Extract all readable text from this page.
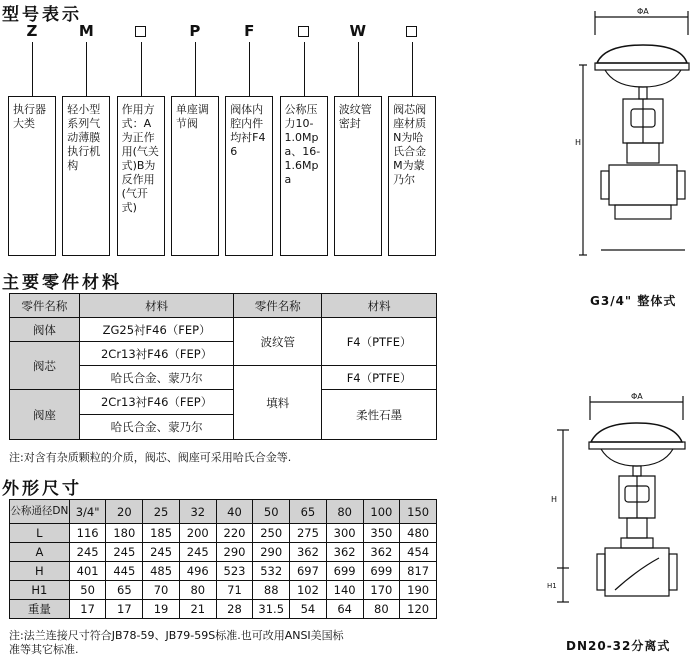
型号表示
Z	M	P	F	W
执行器大类
轻小型系列气动薄膜执行机构
作用方式：A为正作用(气关式)B为反作用(气开式)
单座调节阀
阀体内腔内件均衬F46
公称压力10-1.0Mpa、16-1.6Mpa
波纹管密封
阀芯阀座材质N为哈氏合金M为蒙乃尔
主要零件材料
零件名称	材料	零件名称	材料
阀体	ZG25衬F46（FEP）	波纹管	F4（PTFE）
阀芯	2Cr13衬F46（FEP）		
	哈氏合金、蒙乃尔	填料	F4（PTFE）
阀座	2Cr13衬F46（FEP）		柔性石墨
	哈氏合金、蒙乃尔		
注:对含有杂质颗粒的介质，阀芯、阀座可采用哈氏合金等.
外形尺寸
公称通径DN	3/4"	20	25	32	40	50	65	80	100	150
L	116	180	185	200	220	250	275	300	350	480
A	245	245	245	245	290	290	362	362	362	454
H	401	445	485	496	523	532	697	699	699	817
H1	50	65	70	80	71	88	102	140	170	190
重量	17	17	19	21	28	31.5	54	64	80	120
注:法兰连接尺寸符合JB78-59、JB79-59S标准.也可改用ANSI美国标
准等其它标准.
ΦA
H
G3/4" 整体式
ΦA
H
H1
DN20-32分离式
